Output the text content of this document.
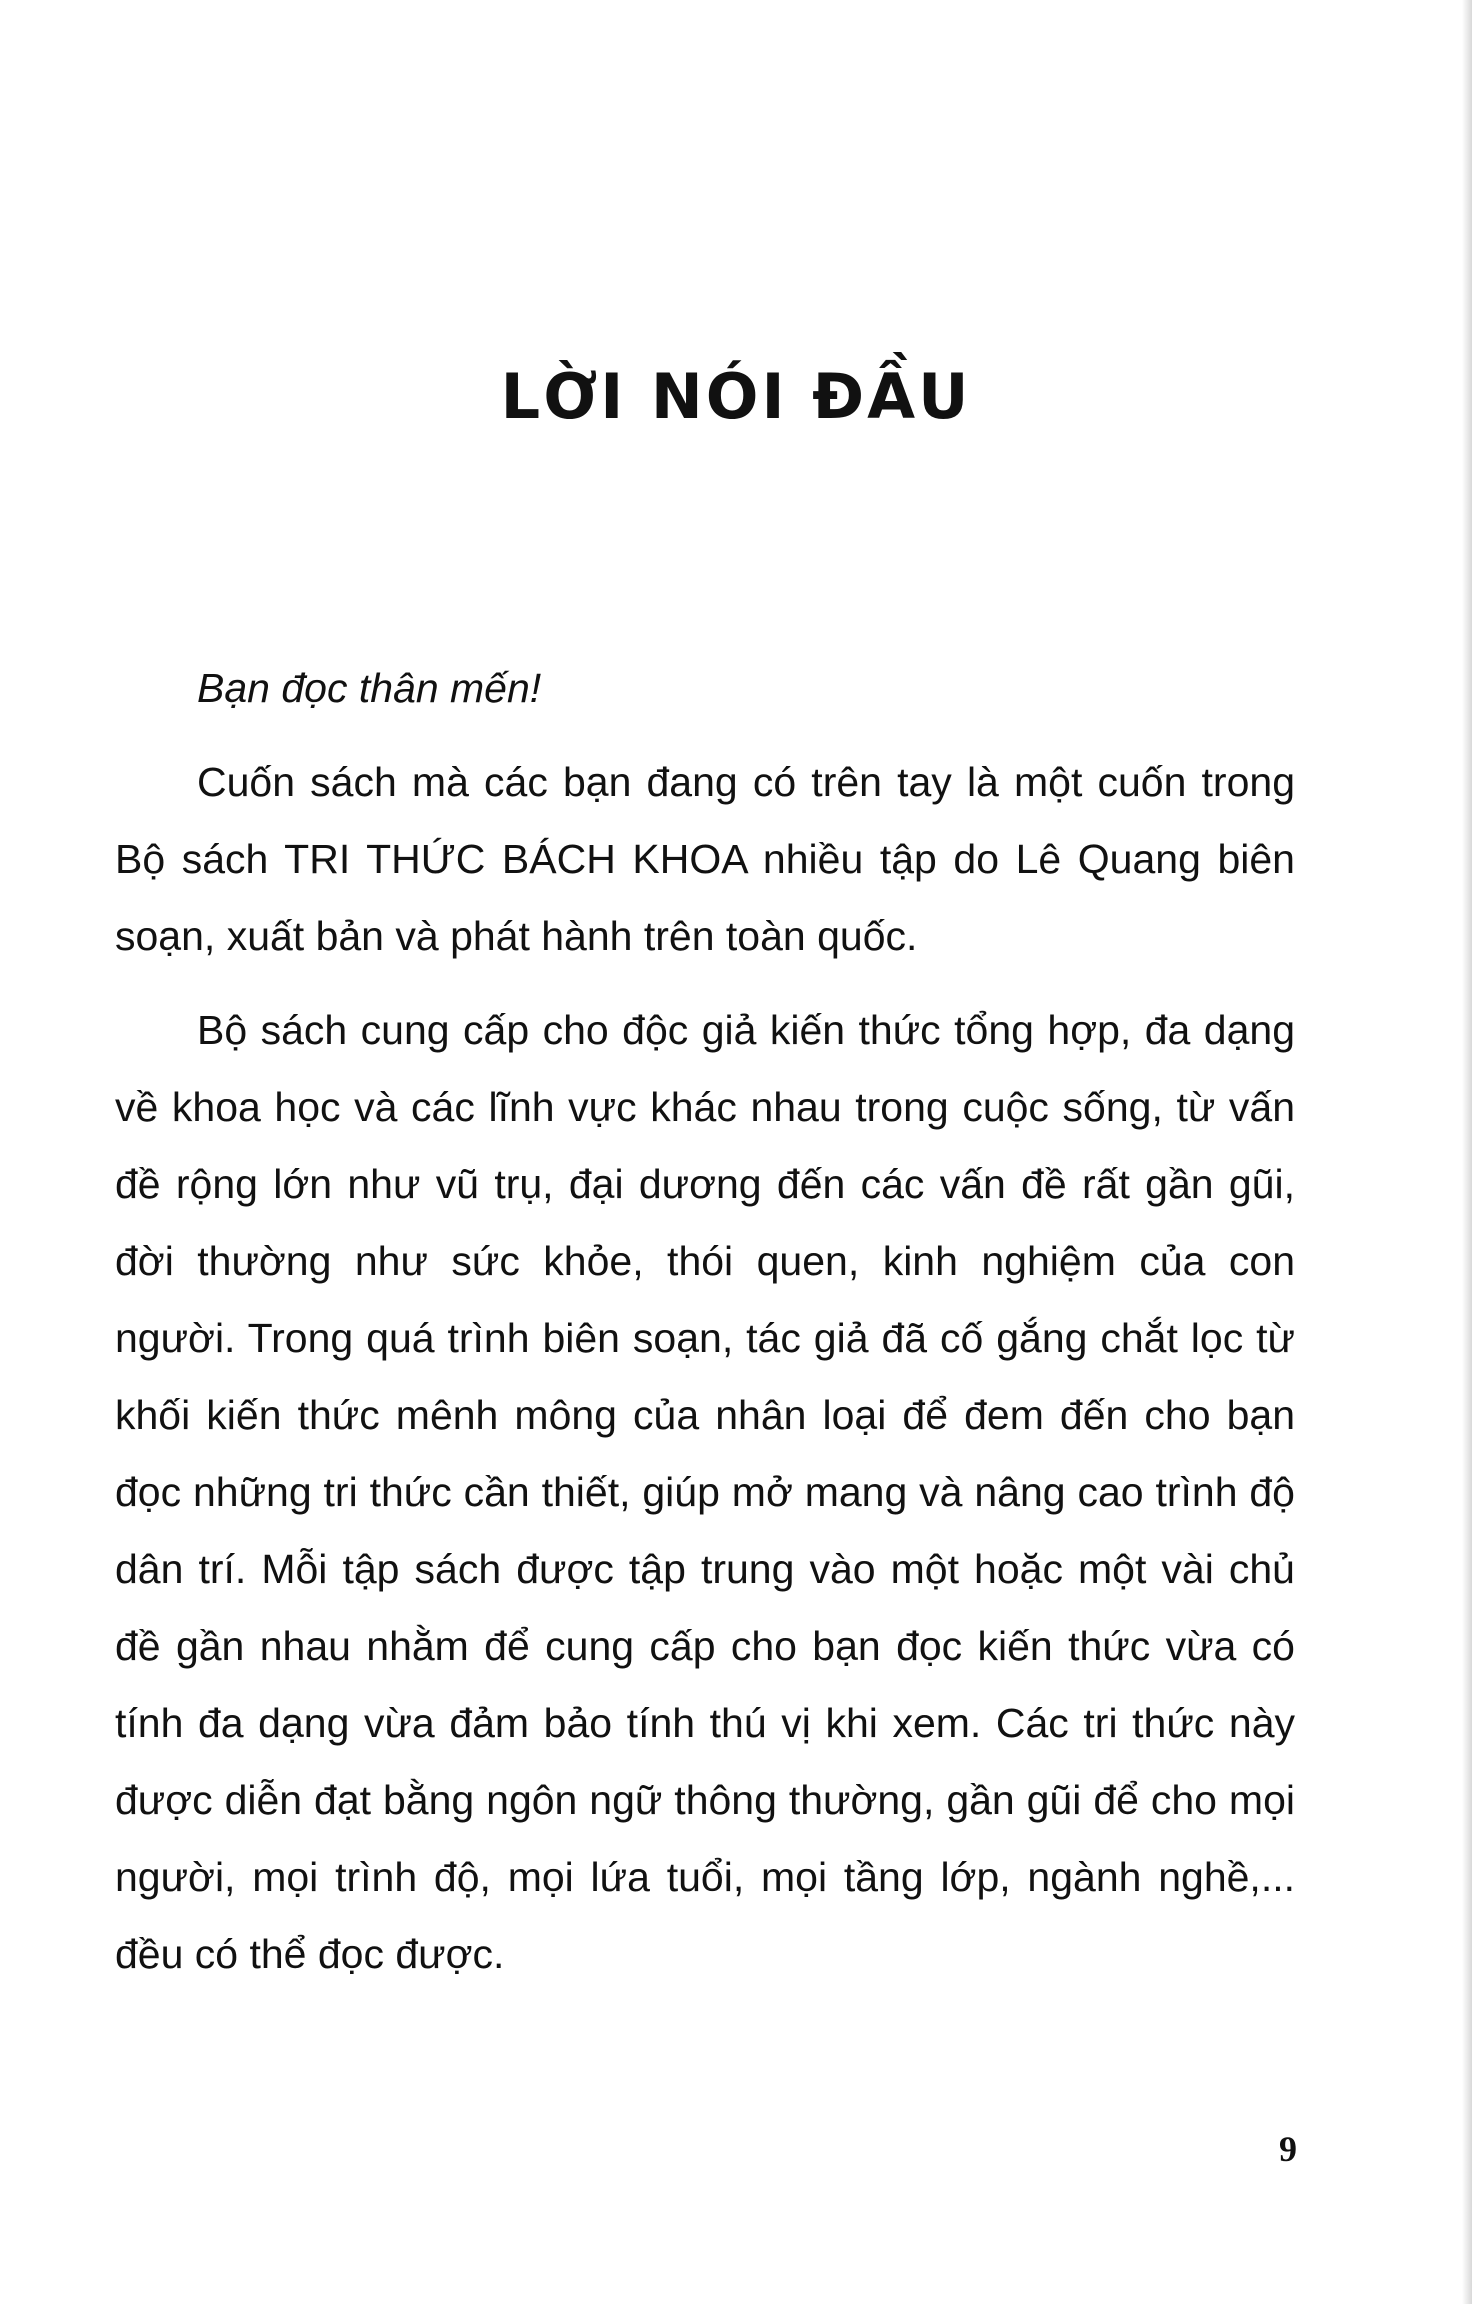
LỜI NÓI ĐẦU

Bạn đọc thân mến!

Cuốn sách mà các bạn đang có trên tay là một cuốn trong Bộ sách TRI THỨC BÁCH KHOA nhiều tập do Lê Quang biên soạn, xuất bản và phát hành trên toàn quốc.

Bộ sách cung cấp cho độc giả kiến thức tổng hợp, đa dạng về khoa học và các lĩnh vực khác nhau trong cuộc sống, từ vấn đề rộng lớn như vũ trụ, đại dương đến các vấn đề rất gần gũi, đời thường như sức khỏe, thói quen, kinh nghiệm của con người. Trong quá trình biên soạn, tác giả đã cố gắng chắt lọc từ khối kiến thức mênh mông của nhân loại để đem đến cho bạn đọc những tri thức cần thiết, giúp mở mang và nâng cao trình độ dân trí. Mỗi tập sách được tập trung vào một hoặc một vài chủ đề gần nhau nhằm để cung cấp cho bạn đọc kiến thức vừa có tính đa dạng vừa đảm bảo tính thú vị khi xem. Các tri thức này được diễn đạt bằng ngôn ngữ thông thường, gần gũi để cho mọi người, mọi trình độ, mọi lứa tuổi, mọi tầng lớp, ngành nghề,... đều có thể đọc được.

9
